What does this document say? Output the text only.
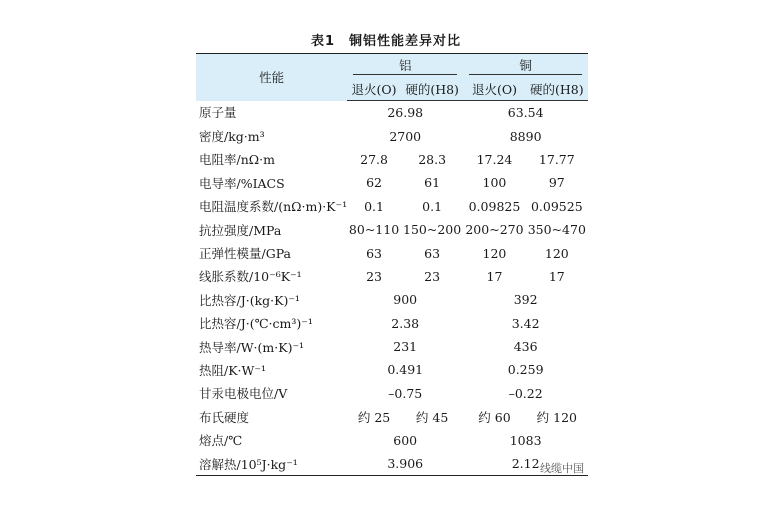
表1 铜铝性能差异对比
性能	铝		铜	

	退火(O)	硬的(H8)	退火(O)	硬的(H8)
原子量	26.98		63.54	
密度/kg·m³	2700		8890	
电阻率/nΩ·m	27.8	28.3	17.24	17.77
电导率/%IACS	62	61	100	97
电阻温度系数/(nΩ·m)·K⁻¹	0.1	0.1	0.09825	0.09525
抗拉强度/MPa	80~110	150~200	200~270	350~470
正弹性模量/GPa	63	63	120	120
线胀系数/10⁻⁶K⁻¹	23	23	17	17
比热容/J·(kg·K)⁻¹	900		392	
比热容/J·(℃·cm³)⁻¹	2.38		3.42	
热导率/W·(m·K)⁻¹	231		436	
热阻/K·W⁻¹	0.491		0.259	
甘汞电极电位/V	–0.75		–0.22	
布氏硬度	约 25	约 45	约 60	约 120
熔点/℃	600		1083	
溶解热/10⁵J·kg⁻¹	3.906		2.12	线缆中国
